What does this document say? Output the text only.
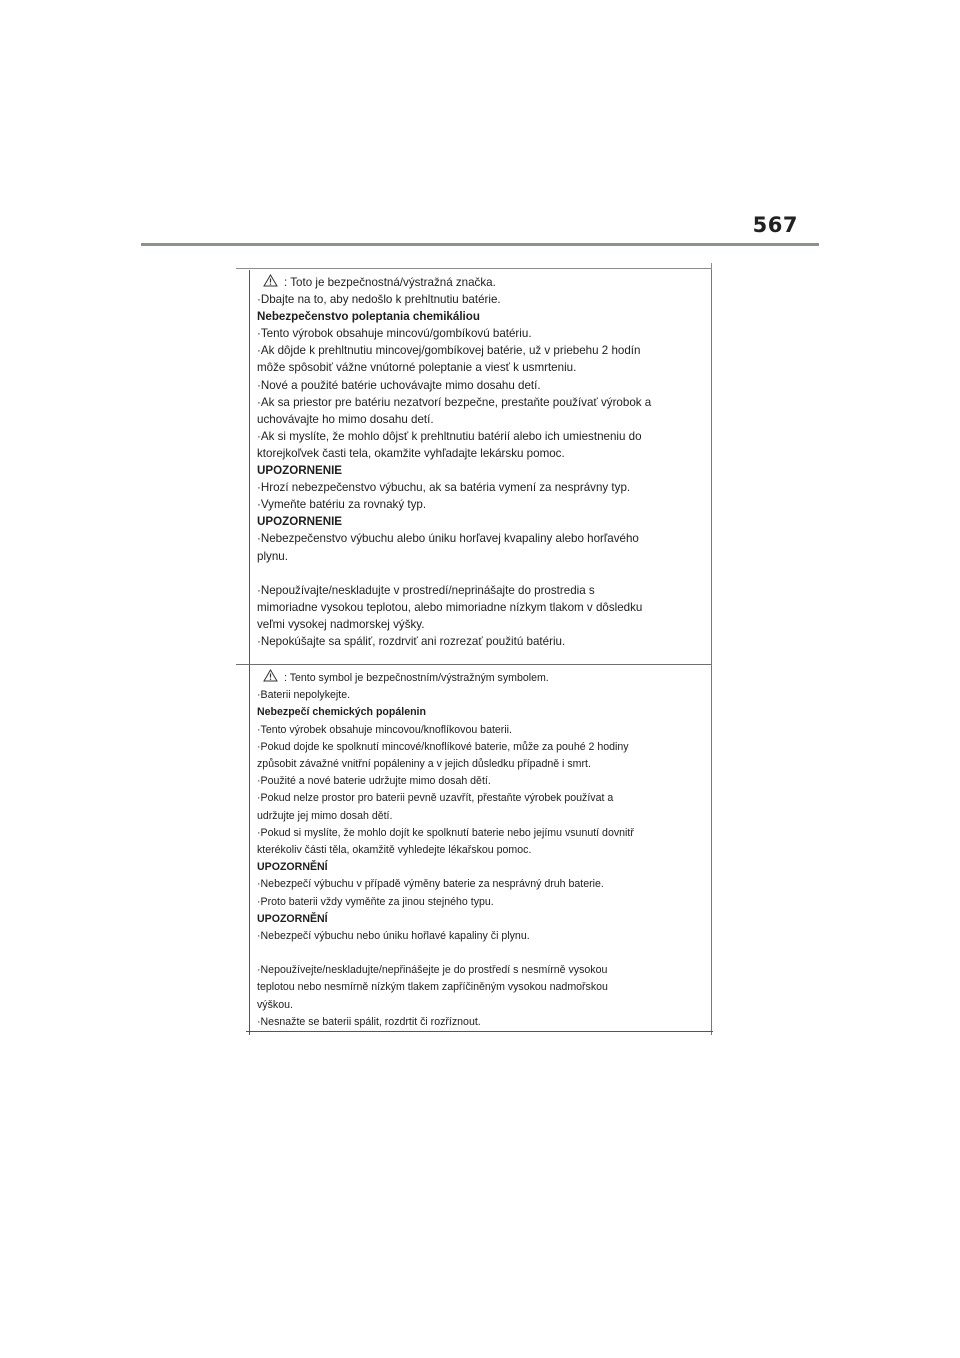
567
: Toto je bezpečnostná/výstražná značka.
·Dbajte na to, aby nedošlo k prehltnutiu batérie.
Nebezpečenstvo poleptania chemikáliou
·Tento výrobok obsahuje mincovú/gombíkovú batériu.
·Ak dôjde k prehltnutiu mincovej/gombíkovej batérie, už v priebehu 2 hodín
môže spôsobiť vážne vnútorné poleptanie a viesť k usmrteniu.
·Nové a použité batérie uchovávajte mimo dosahu detí.
·Ak sa priestor pre batériu nezatvorí bezpečne, prestaňte používať výrobok a
uchovávajte ho mimo dosahu detí.
·Ak si myslíte, že mohlo dôjsť k prehltnutiu batérií alebo ich umiestneniu do
ktorejkoľvek časti tela, okamžite vyhľadajte lekársku pomoc.
UPOZORNENIE
·Hrozí nebezpečenstvo výbuchu, ak sa batéria vymení za nesprávny typ.
·Vymeňte batériu za rovnaký typ.
UPOZORNENIE
·Nebezpečenstvo výbuchu alebo úniku horľavej kvapaliny alebo horľavého
plynu.
·Nepoužívajte/neskladujte v prostredí/neprinášajte do prostredia s
mimoriadne vysokou teplotou, alebo mimoriadne nízkym tlakom v dôsledku
veľmi vysokej nadmorskej výšky.
·Nepokúšajte sa spáliť, rozdrviť ani rozrezať použitú batériu.
: Tento symbol je bezpečnostním/výstražným symbolem.
·Baterii nepolykejte.
Nebezpečí chemických popálenin
·Tento výrobek obsahuje mincovou/knoflíkovou baterii.
·Pokud dojde ke spolknutí mincové/knoflíkové baterie, může za pouhé 2 hodiny
způsobit závažné vnitřní popáleniny a v jejich důsledku případně i smrt.
·Použité a nové baterie udržujte mimo dosah dětí.
·Pokud nelze prostor pro baterii pevně uzavřít, přestaňte výrobek používat a
udržujte jej mimo dosah dětí.
·Pokud si myslíte, že mohlo dojít ke spolknutí baterie nebo jejímu vsunutí dovnitř
kterékoliv části těla, okamžitě vyhledejte lékařskou pomoc.
UPOZORNĚNÍ
·Nebezpečí výbuchu v případě výměny baterie za nesprávný druh baterie.
·Proto baterii vždy vyměňte za jinou stejného typu.
UPOZORNĚNÍ
·Nebezpečí výbuchu nebo úniku hořlavé kapaliny či plynu.
·Nepoužívejte/neskladujte/nepřinášejte je do prostředí s nesmírně vysokou
teplotou nebo nesmírně nízkým tlakem zapříčiněným vysokou nadmořskou
výškou.
·Nesnažte se baterii spálit, rozdrtit či rozříznout.
